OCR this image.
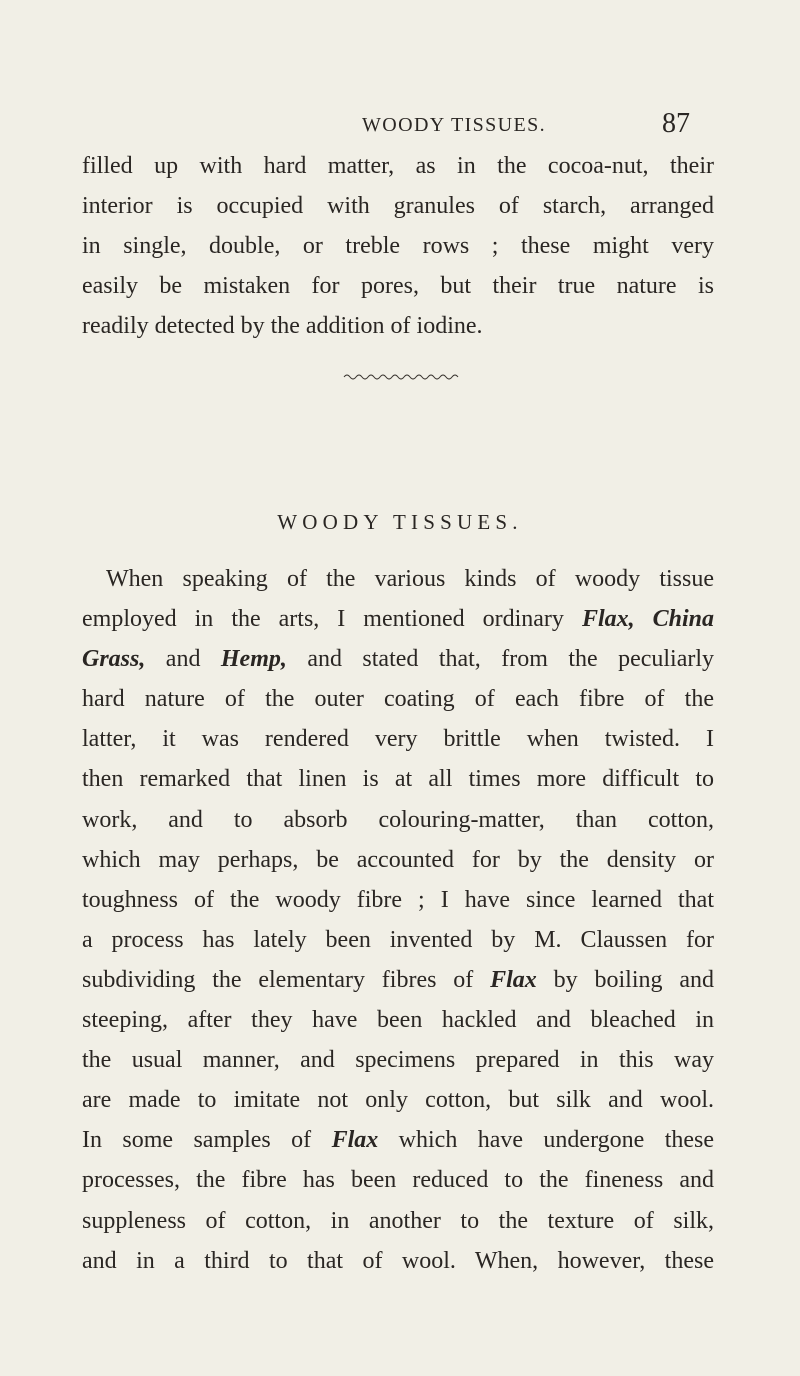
WOODY TISSUES.	87
filled up with hard matter, as in the cocoa-nut, their
interior is occupied with granules of starch, arranged
in single, double, or treble rows ; these might very
easily be mistaken for pores, but their true nature is
readily detected by the addition of iodine.
WOODY TISSUES.
 When speaking of the various kinds of woody tissue
employed in the arts, I mentioned ordinary Flax, China
Grass, and Hemp, and stated that, from the peculiarly
hard nature of the outer coating of each fibre of the
latter, it was rendered very brittle when twisted. I
then remarked that linen is at all times more difficult to
work, and to absorb colouring-matter, than cotton,
which may perhaps, be accounted for by the density or
toughness of the woody fibre ; I have since learned that
a process has lately been invented by M. Claussen for
subdividing the elementary fibres of Flax by boiling and
steeping, after they have been hackled and bleached in
the usual manner, and specimens prepared in this way
are made to imitate not only cotton, but silk and wool.
In some samples of Flax which have undergone these
processes, the fibre has been reduced to the fineness and
suppleness of cotton, in another to the texture of silk,
and in a third to that of wool. When, however, these
